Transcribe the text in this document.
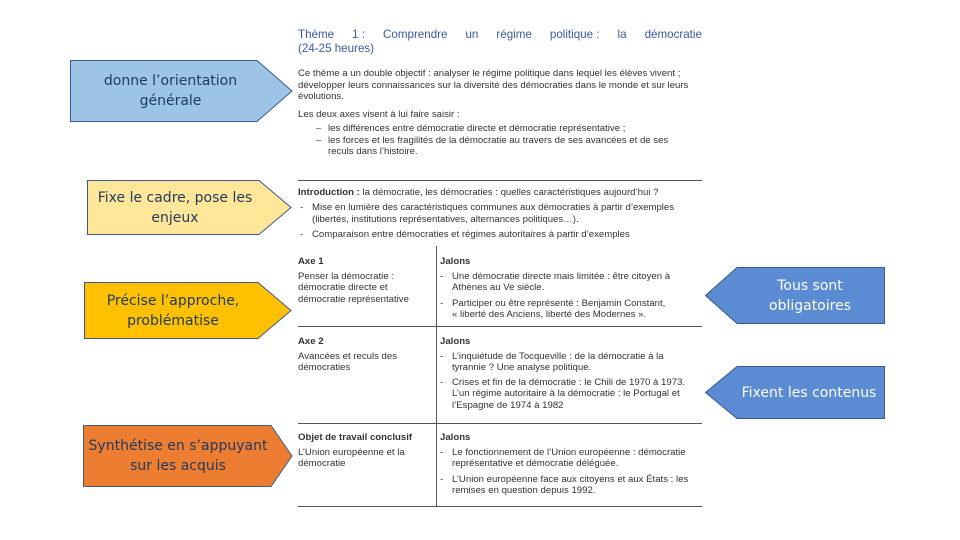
donne l’orientation générale
Fixe le cadre, pose les enjeux
Précise l’approche, problématise
Synthétise en s’appuyant sur les acquis
Tous sont obligatoires
Fixent les contenus
Thème 1 : Comprendre un régime politique : la démocratie
(24-25 heures)
Ce thème a un double objectif : analyser le régime politique dans lequel les élèves vivent ;
développer leurs connaissances sur la diversité des démocraties dans le monde et sur leurs
évolutions.
Les deux axes visent à lui faire saisir :
– les différences entre démocratie directe et démocratie représentative ;
– les forces et les fragilités de la démocratie au travers de ses avancées et de ses
reculs dans l’histoire.
Introduction : la démocratie, les démocraties : quelles caractéristiques aujourd’hui ?
- Mise en lumière des caractéristiques communes aux démocraties à partir d’exemples
(libertés, institutions représentatives, alternances politiques…).
- Comparaison entre démocraties et régimes autoritaires à partir d’exemples
Axe 1
Penser la démocratie :
démocratie directe et
démocratie représentative
Jalons
- Une démocratie directe mais limitée : être citoyen à
Athènes au Ve siècle.
- Participer ou être représenté : Benjamin Constant,
« liberté des Anciens, liberté des Modernes ».
Axe 2
Avancées et reculs des
démocraties
Jalons
- L’inquiétude de Tocqueville : de la démocratie à la
tyrannie ? Une analyse politique.
- Crises et fin de la démocratie : le Chili de 1970 à 1973.
L’un régime autoritaire à la démocratie : le Portugal et
l’Espagne de 1974 à 1982
Objet de travail conclusif
L’Union européenne et la
démocratie
Jalons
- Le fonctionnement de l’Union européenne : démocratie
représentative et démocratie déléguée.
- L’Union européenne face aux citoyens et aux États : les
remises en question depuis 1992.
